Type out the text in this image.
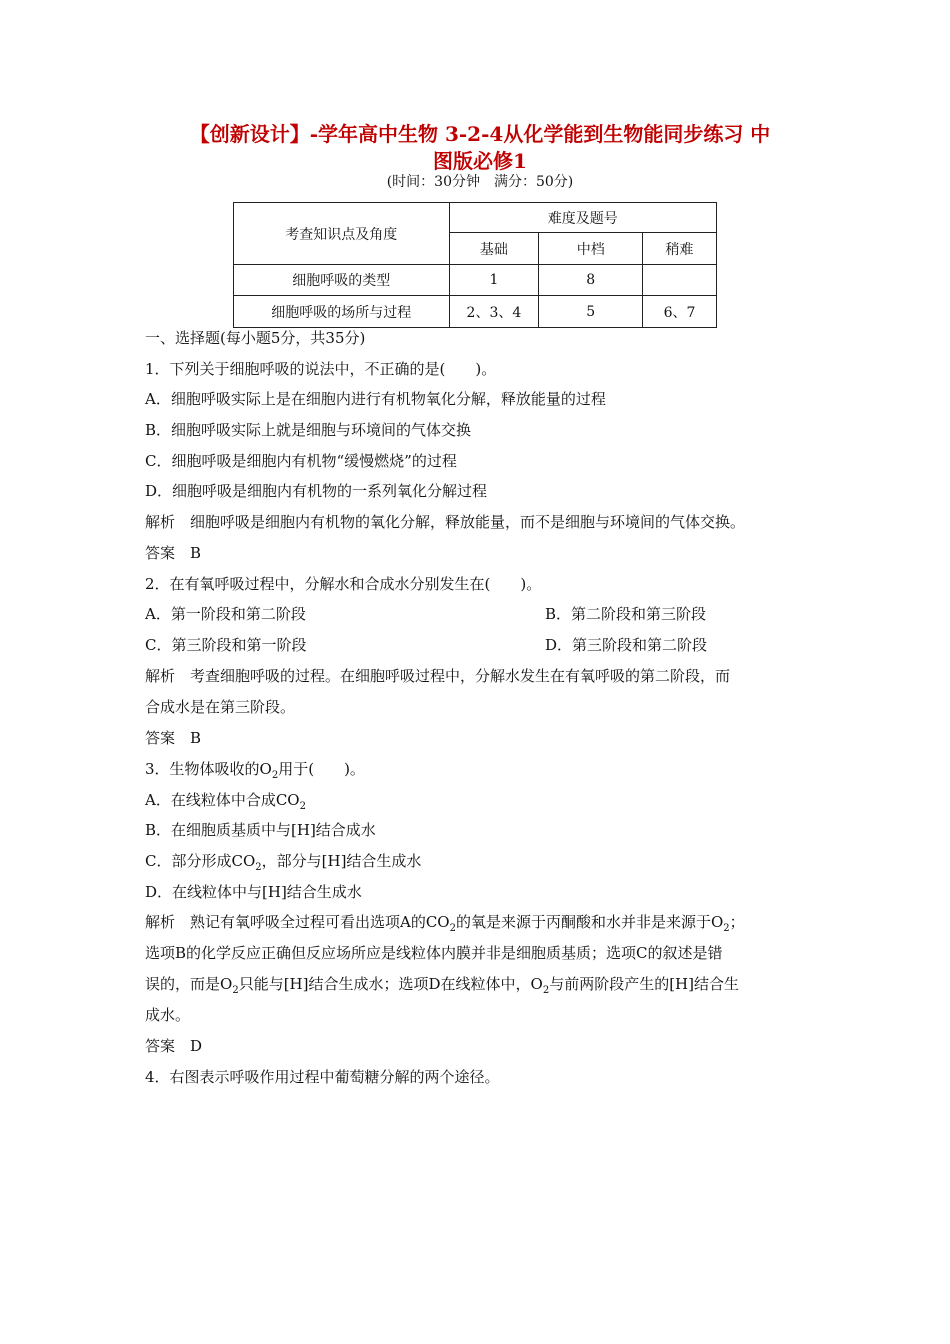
【创新设计】-学年高中生物 3-2-4从化学能到生物能同步练习 中
图版必修1
(时间：30分钟　满分：50分)
考查知识点及角度	难度及题号		
	基础	中档	稍难
细胞呼吸的类型	1	8	
细胞呼吸的场所与过程	2、3、4	5	6、7
一、选择题(每小题5分，共35分)
1．下列关于细胞呼吸的说法中，不正确的是(　　)。
A．细胞呼吸实际上是在细胞内进行有机物氧化分解，释放能量的过程
B．细胞呼吸实际上就是细胞与环境间的气体交换
C．细胞呼吸是细胞内有机物“缓慢燃烧”的过程
D．细胞呼吸是细胞内有机物的一系列氧化分解过程
解析　细胞呼吸是细胞内有机物的氧化分解，释放能量，而不是细胞与环境间的气体交换。
答案　B
2．在有氧呼吸过程中，分解水和合成水分别发生在(　　)。
A．第一阶段和第二阶段	B．第二阶段和第三阶段
C．第三阶段和第一阶段	D．第三阶段和第二阶段
解析　考查细胞呼吸的过程。在细胞呼吸过程中，分解水发生在有氧呼吸的第二阶段，而
合成水是在第三阶段。
答案　B
3．生物体吸收的$O_2$用于(　　)。
A．在线粒体中合成$CO_2$
B．在细胞质基质中与[H]结合成水
C．部分形成$CO_2$，部分与[H]结合生成水
D．在线粒体中与[H]结合生成水
解析　熟记有氧呼吸全过程可看出选项A的$CO_2$的氧是来源于丙酮酸和水并非是来源于$O_2$；
选项B的化学反应正确但反应场所应是线粒体内膜并非是细胞质基质；选项C的叙述是错
误的，而是$O_2$只能与[H]结合生成水；选项D在线粒体中，$O_2$与前两阶段产生的[H]结合生
成水。
答案　D
4．右图表示呼吸作用过程中葡萄糖分解的两个途径。
